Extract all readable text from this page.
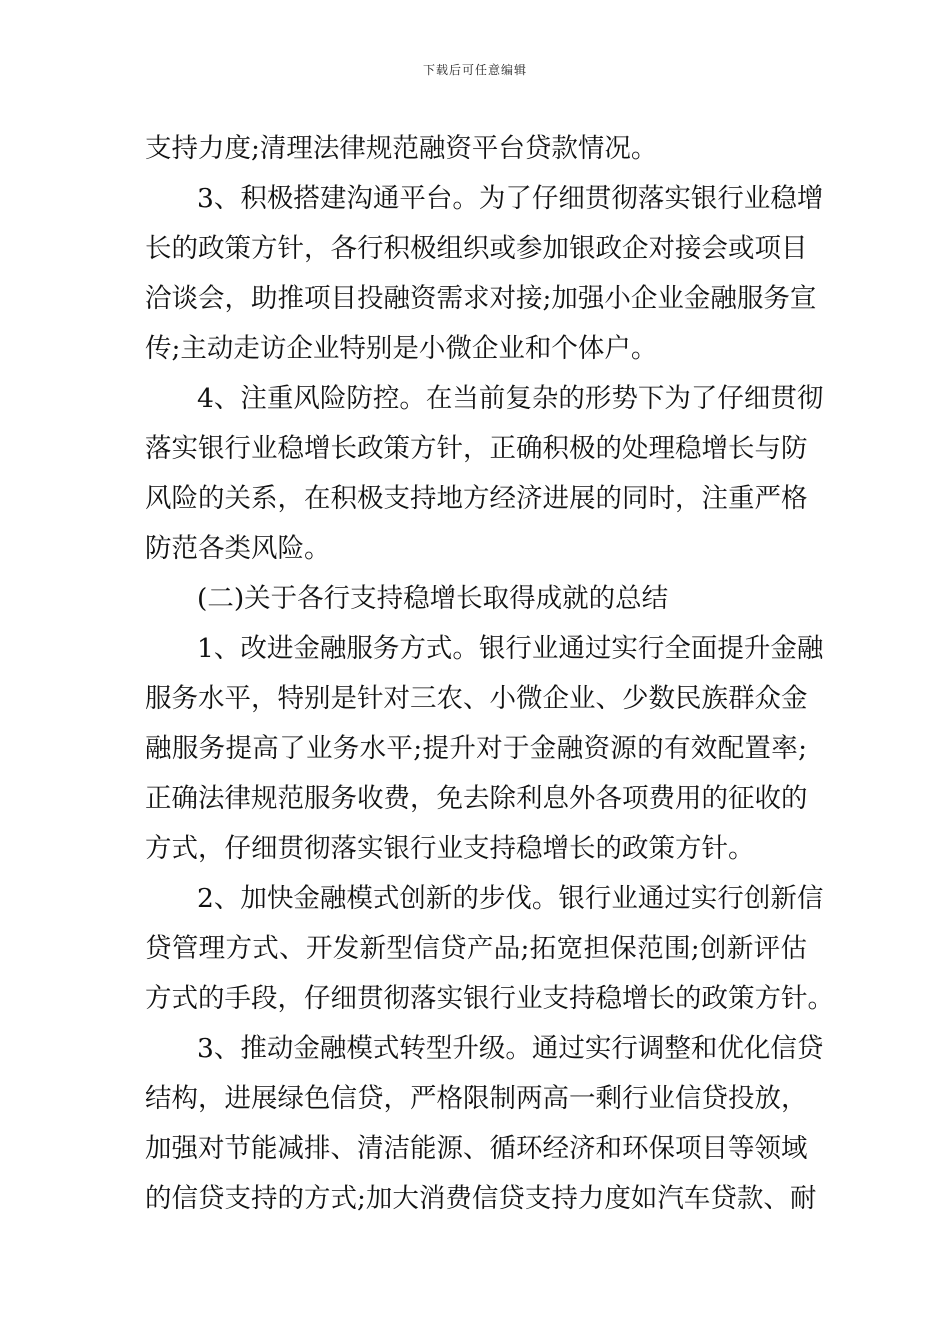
下载后可任意编辑
支持力度;清理法律规范融资平台贷款情况。
3、积极搭建沟通平台。为了仔细贯彻落实银行业稳增
长的政策方针，各行积极组织或参加银政企对接会或项目
洽谈会，助推项目投融资需求对接;加强小企业金融服务宣
传;主动走访企业特别是小微企业和个体户。
4、注重风险防控。在当前复杂的形势下为了仔细贯彻
落实银行业稳增长政策方针，正确积极的处理稳增长与防
风险的关系，在积极支持地方经济进展的同时，注重严格
防范各类风险。
(二)关于各行支持稳增长取得成就的总结
1、改进金融服务方式。银行业通过实行全面提升金融
服务水平，特别是针对三农、小微企业、少数民族群众金
融服务提高了业务水平;提升对于金融资源的有效配置率;
正确法律规范服务收费，免去除利息外各项费用的征收的
方式，仔细贯彻落实银行业支持稳增长的政策方针。
2、加快金融模式创新的步伐。银行业通过实行创新信
贷管理方式、开发新型信贷产品;拓宽担保范围;创新评估
方式的手段，仔细贯彻落实银行业支持稳增长的政策方针。
3、推动金融模式转型升级。通过实行调整和优化信贷
结构，进展绿色信贷，严格限制两高一剩行业信贷投放，
加强对节能减排、清洁能源、循环经济和环保项目等领域
的信贷支持的方式;加大消费信贷支持力度如汽车贷款、耐
